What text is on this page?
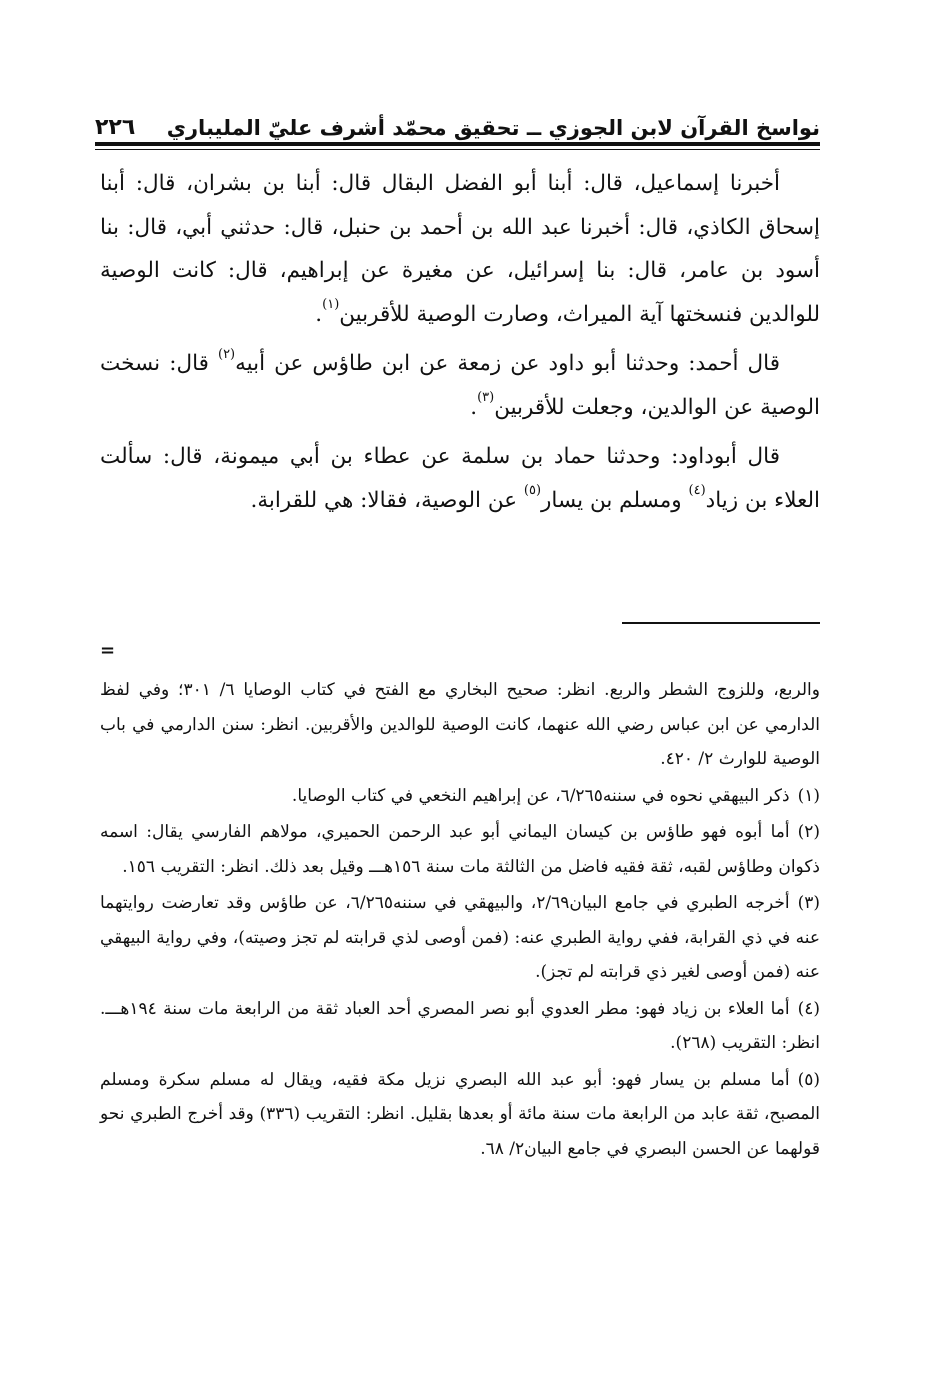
نواسخ القرآن لابن الجوزي ــ تحقيق محمّد أشرف عليّ المليباري
٢٢٦

أخبرنا إسماعيل، قال: أبنا أبو الفضل البقال قال: أبنا بن بشران، قال: أبنا إسحاق الكاذي، قال: أخبرنا عبد الله بن أحمد بن حنبل، قال: حدثني أبي، قال: بنا أسود بن عامر، قال: بنا إسرائيل، عن مغيرة عن إبراهيم، قال: كانت الوصية للوالدين فنسختها آية الميراث، وصارت الوصية للأقربين$^{(١)}$.

قال أحمد: وحدثنا أبو داود عن زمعة عن ابن طاؤس عن أبيه$^{(٢)}$ قال: نسخت الوصية عن الوالدين، وجعلت للأقربين$^{(٣)}$.

قال أبوداود: وحدثنا حماد بن سلمة عن عطاء بن أبي ميمونة، قال: سألت العلاء بن زياد$^{(٤)}$ ومسلم بن يسار$^{(٥)}$ عن الوصية، فقالا: هي للقرابة.

=

والربع، وللزوج الشطر والربع. انظر: صحيح البخاري مع الفتح في كتاب الوصايا ٦/ ٣٠١؛ وفي لفظ الدارمي عن ابن عباس رضي الله عنهما، كانت الوصية للوالدين والأقربين. انظر: سنن الدارمي في باب الوصية للوارث ٢/ ٤٢٠.

(١)ذكر البيهقي نحوه في سننه٦/٢٦٥، عن إبراهيم النخعي في كتاب الوصايا.

(٢)أما أبوه فهو طاؤس بن كيسان اليماني أبو عبد الرحمن الحميري، مولاهم الفارسي يقال: اسمه ذكوان وطاؤس لقبه، ثقة فقيه فاضل من الثالثة مات سنة ١٥٦هـــ وقيل بعد ذلك. انظر: التقريب ١٥٦.

(٣)أخرجه الطبري في جامع البيان٢/٦٩، والبيهقي في سننه٦/٢٦٥، عن طاؤس وقد تعارضت روايتهما عنه في ذي القرابة، ففي رواية الطبري عنه: (فمن أوصى لذي قرابته لم تجز وصيته)، وفي رواية البيهقي عنه (فمن أوصى لغير ذي قرابته لم تجز).

(٤)أما العلاء بن زياد فهو: مطر العدوي أبو نصر المصري أحد العباد ثقة من الرابعة مات سنة ١٩٤هـــ. انظر: التقريب (٢٦٨).

(٥)أما مسلم بن يسار فهو: أبو عبد الله البصري نزيل مكة فقيه، ويقال له مسلم سكرة ومسلم المصبح، ثقة عابد من الرابعة مات سنة مائة أو بعدها بقليل. انظر: التقريب (٣٣٦) وقد أخرج الطبري نحو قولهما عن الحسن البصري في جامع البيان٢/ ٦٨.
